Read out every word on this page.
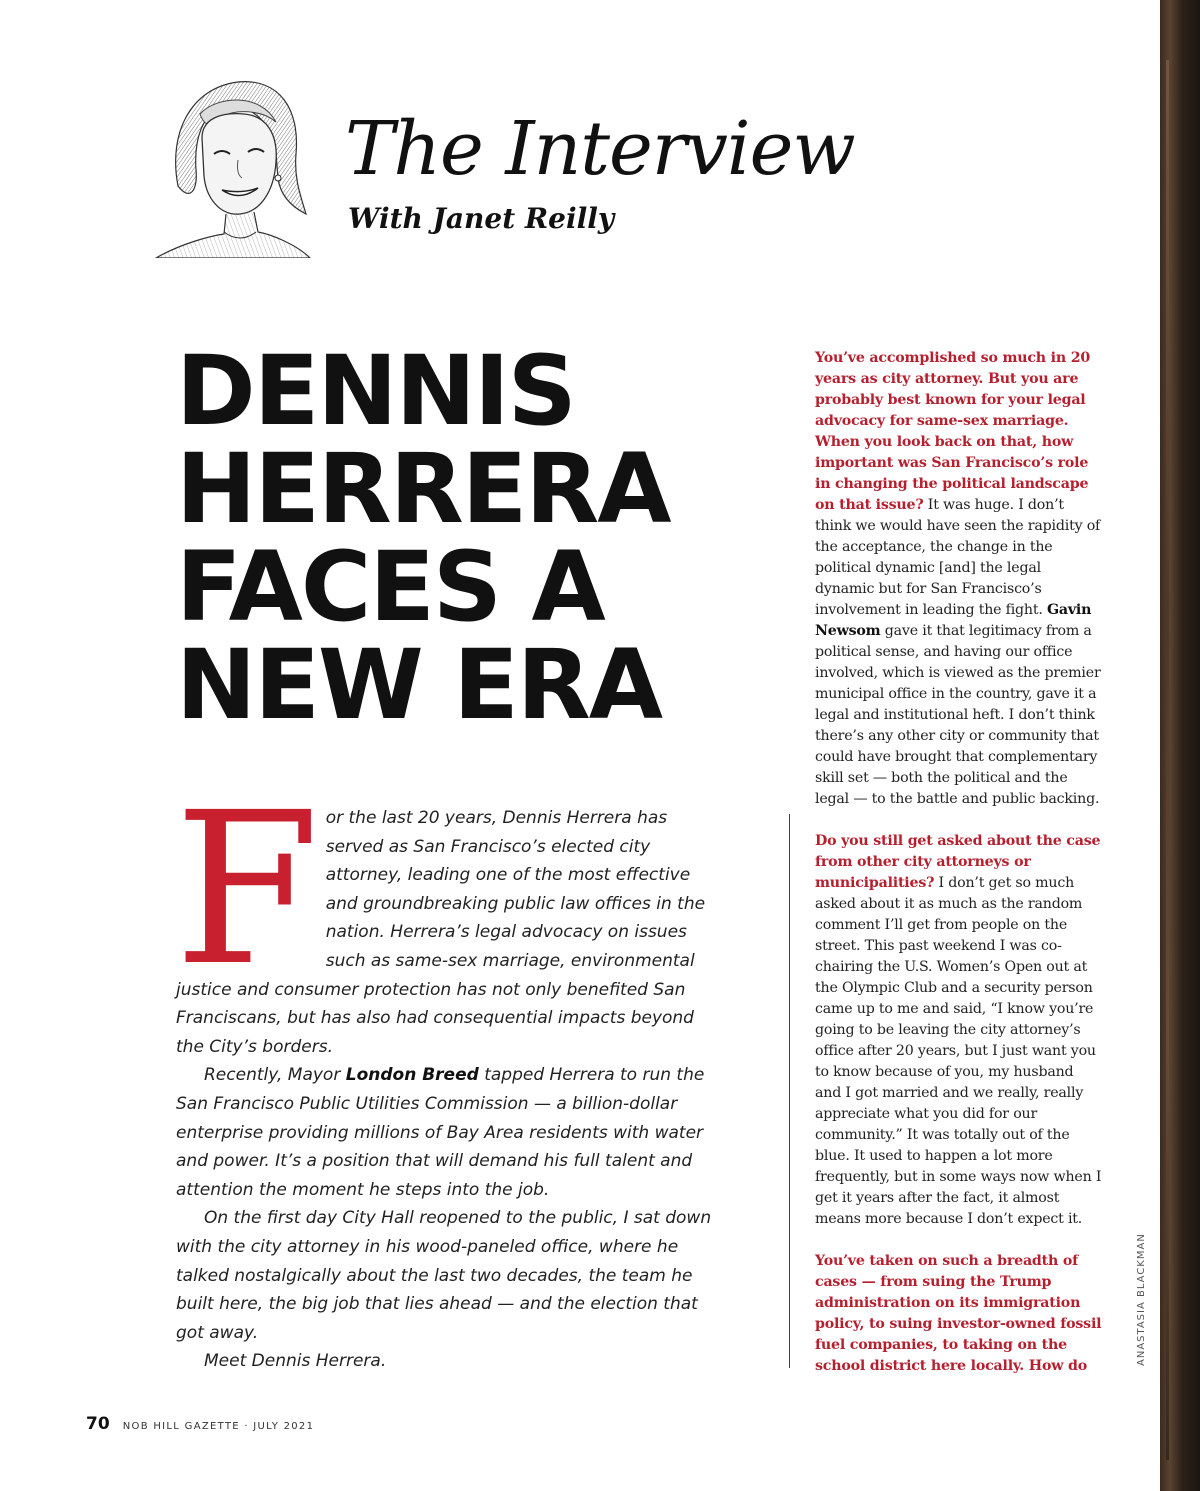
The Interview
With Janet Reilly
DENNIS
HERRERA
FACES A
NEW ERA
F or the last 20 years, Dennis Herrera has served as San Francisco’s elected city attorney, leading one of the most effective and groundbreaking public law offices in the nation. Herrera’s legal advocacy on issues such as same-sex marriage, environmental justice and consumer protection has not only benefited San Franciscans, but has also had consequential impacts beyond the City’s borders.

Recently, Mayor London Breed tapped Herrera to run the San Francisco Public Utilities Commission — a billion-dollar enterprise providing millions of Bay Area residents with water and power. It’s a position that will demand his full talent and attention the moment he steps into the job.

On the first day City Hall reopened to the public, I sat down with the city attorney in his wood-paneled office, where he talked nostalgically about the last two decades, the team he built here, the big job that lies ahead — and the election that got away.

Meet Dennis Herrera.

You’ve accomplished so much in 20 years as city attorney. But you are probably best known for your legal advocacy for same-sex marriage. When you look back on that, how important was San Francisco’s role in changing the political landscape on that issue? It was huge. I don’t think we would have seen the rapidity of the acceptance, the change in the political dynamic [and] the legal dynamic but for San Francisco’s involvement in leading the fight. Gavin Newsom gave it that legitimacy from a political sense, and having our office involved, which is viewed as the premier municipal office in the country, gave it a legal and institutional heft. I don’t think there’s any other city or community that could have brought that complementary skill set — both the political and the legal — to the battle and public backing.

Do you still get asked about the case from other city attorneys or municipalities? I don’t get so much asked about it as much as the random comment I’ll get from people on the street. This past weekend I was co-chairing the U.S. Women’s Open out at the Olympic Club and a security person came up to me and said, “I know you’re going to be leaving the city attorney’s office after 20 years, but I just want you to know because of you, my husband and I got married and we really, really appreciate what you did for our community.” It was totally out of the blue. It used to happen a lot more frequently, but in some ways now when I get it years after the fact, it almost means more because I don’t expect it.

You’ve taken on such a breadth of cases — from suing the Trump administration on its immigration policy, to suing investor-owned fossil fuel companies, to taking on the school district here locally. How do	ANASTASIA BLACKMAN
70 NOB HILL GAZETTE · JULY 2021
